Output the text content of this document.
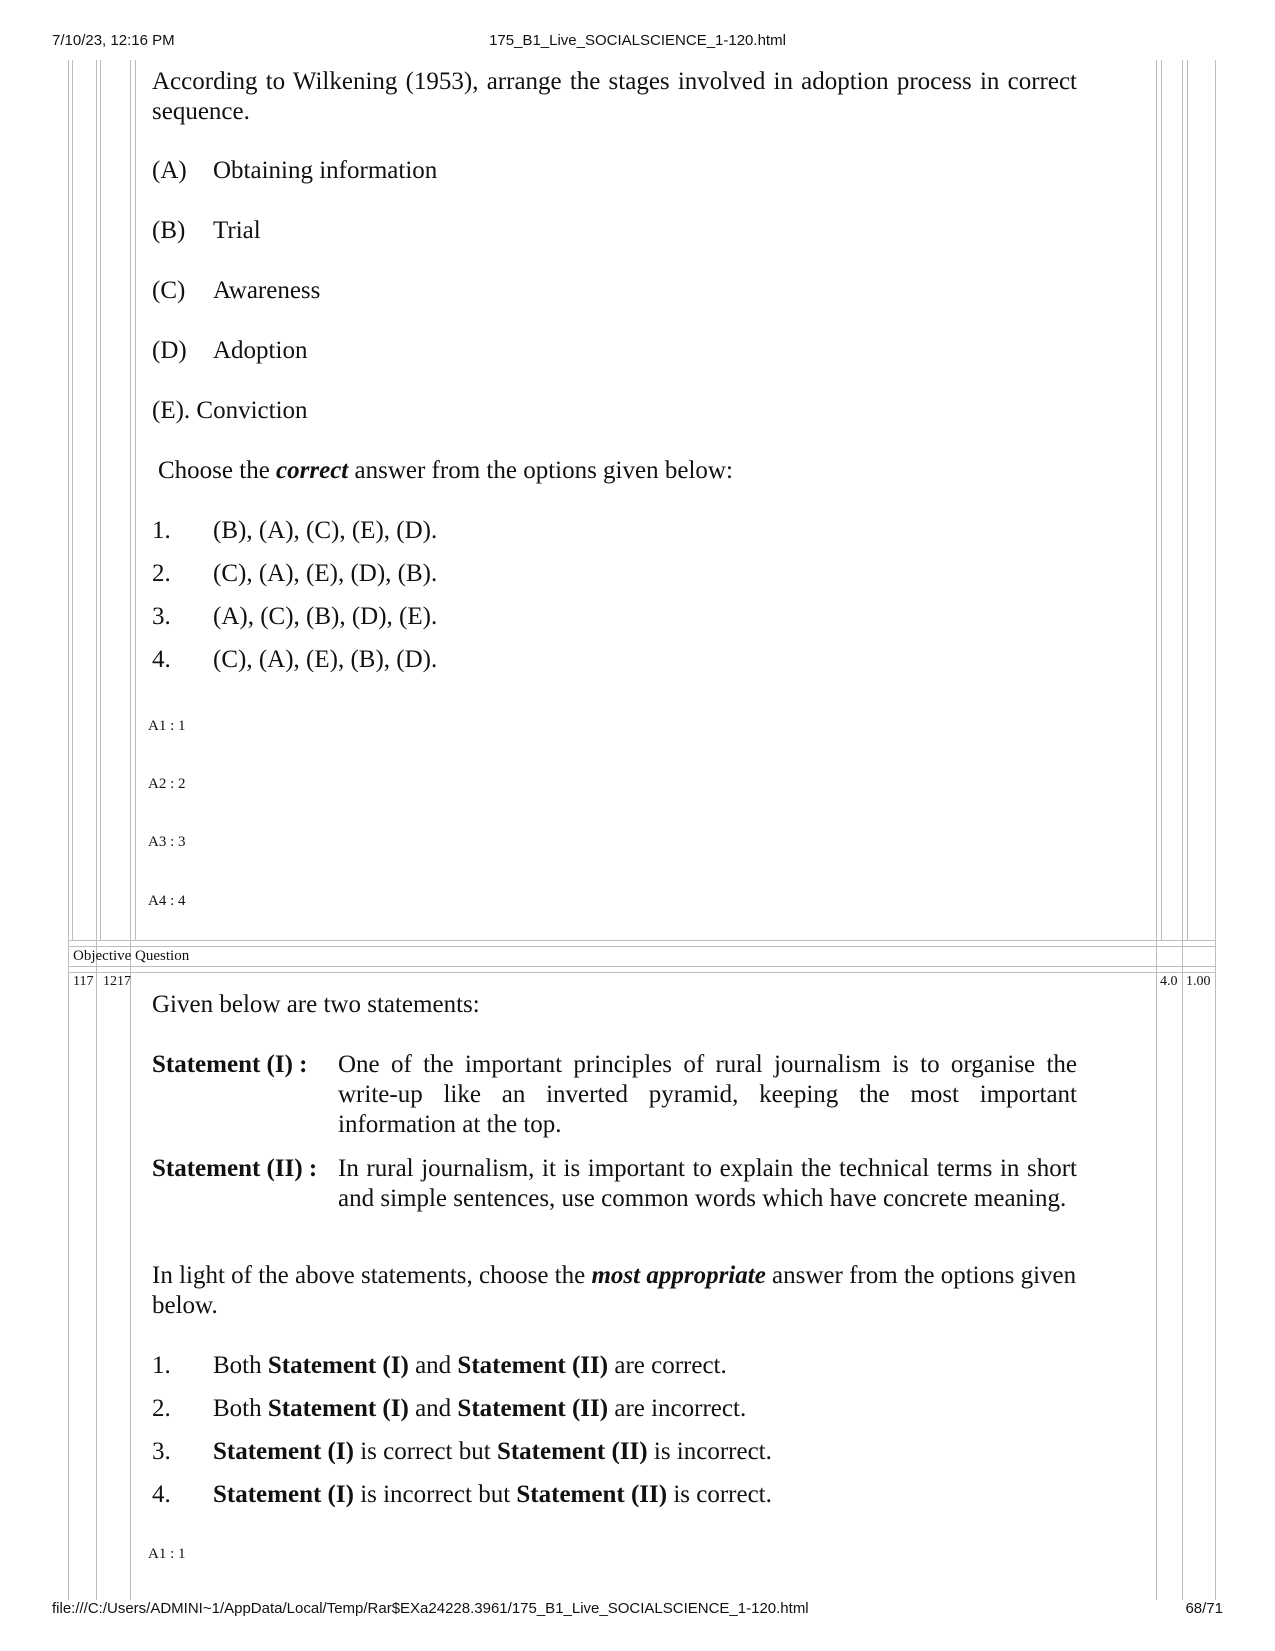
7/10/23, 12:16 PM	175_B1_Live_SOCIALSCIENCE_1-120.html
According to Wilkening (1953), arrange the stages involved in adoption process in correct sequence.
(A) Obtaining information
(B) Trial
(C) Awareness
(D) Adoption
(E). Conviction
Choose the correct answer from the options given below:
1. (B), (A), (C), (E), (D).
2. (C), (A), (E), (D), (B).
3. (A), (C), (B), (D), (E).
4. (C), (A), (E), (B), (D).
A1 : 1
A2 : 2
A3 : 3
A4 : 4
Objective Question
117 1217	4.0 1.00
Given below are two statements:
Statement (I) : One of the important principles of rural journalism is to organise the write-up like an inverted pyramid, keeping the most important information at the top.
Statement (II) : In rural journalism, it is important to explain the technical terms in short and simple sentences, use common words which have concrete meaning.
In light of the above statements, choose the most appropriate answer from the options given below.
1. Both Statement (I) and Statement (II) are correct.
2. Both Statement (I) and Statement (II) are incorrect.
3. Statement (I) is correct but Statement (II) is incorrect.
4. Statement (I) is incorrect but Statement (II) is correct.
A1 : 1
file:///C:/Users/ADMINI~1/AppData/Local/Temp/Rar$EXa24228.3961/175_B1_Live_SOCIALSCIENCE_1-120.html	68/71
